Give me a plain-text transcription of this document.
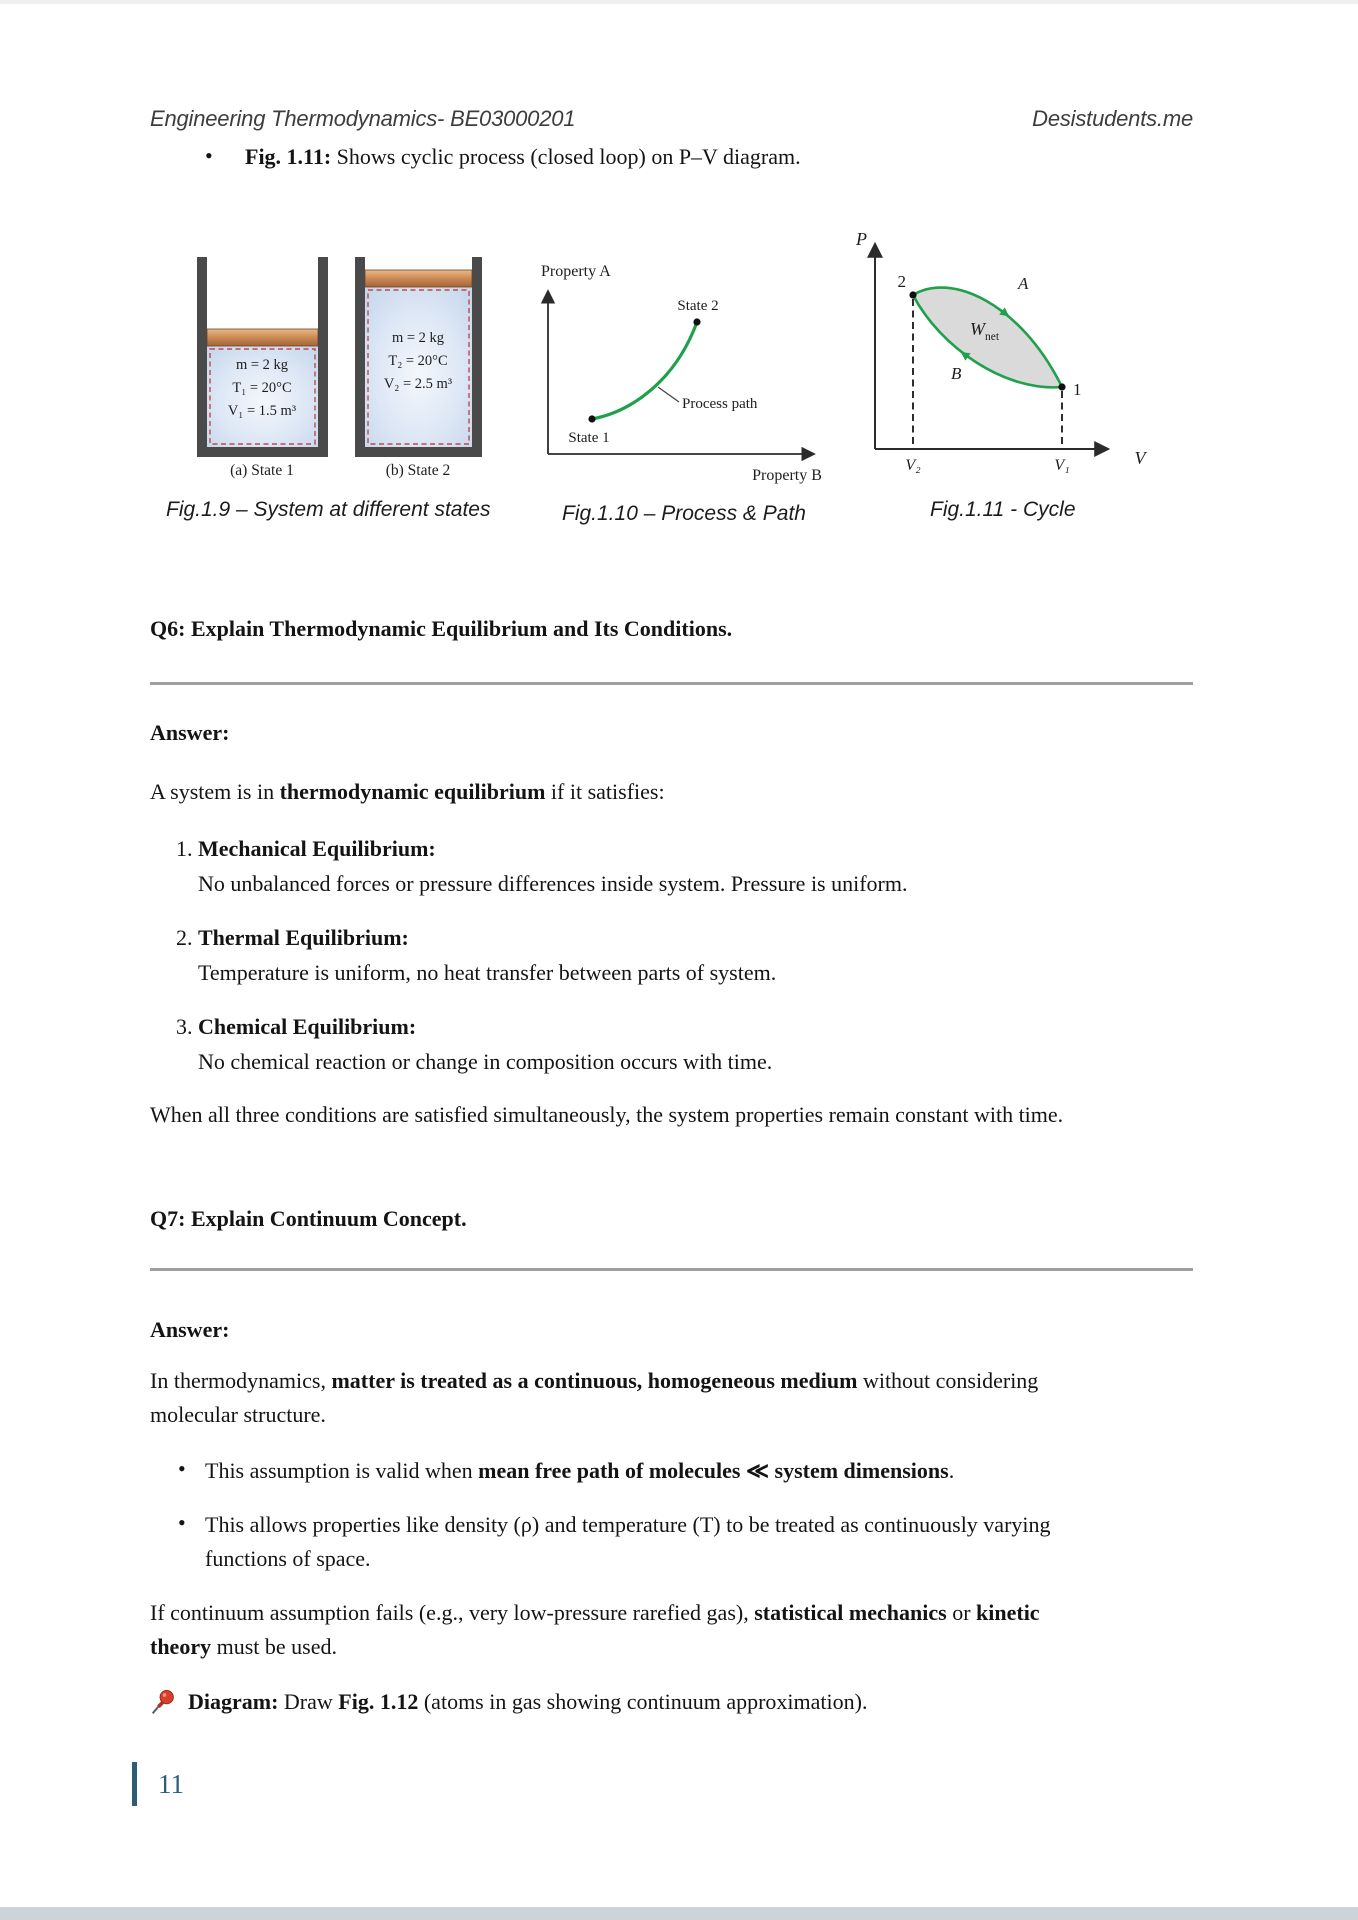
Engineering Thermodynamics- BE03000201	Desistudents.me
• Fig. 1.11: Shows cyclic process (closed loop) on P–V diagram.
m = 2 kg
T₁ = 20°C
V₁ = 1.5 m³
(a) State 1
m = 2 kg
T₂ = 20°C
V₂ = 2.5 m³
(b) State 2
Property A
Property B
State 1
State 2
Process path
P
V
2
1
A
B
$W_{net}$
V₂	V₁
Fig.1.9 – System at different states	Fig.1.10 – Process & Path	Fig.1.11 - Cycle
Q6: Explain Thermodynamic Equilibrium and Its Conditions.
Answer:

A system is in thermodynamic equilibrium if it satisfies:

1. Mechanical Equilibrium:
No unbalanced forces or pressure differences inside system. Pressure is uniform.
2. Thermal Equilibrium:
Temperature is uniform, no heat transfer between parts of system.
3. Chemical Equilibrium:
No chemical reaction or change in composition occurs with time.

When all three conditions are satisfied simultaneously, the system properties remain constant with time.

Q7: Explain Continuum Concept.
Answer:

In thermodynamics, matter is treated as a continuous, homogeneous medium without considering molecular structure.

• This assumption is valid when mean free path of molecules ≪ system dimensions.
• This allows properties like density (ρ) and temperature (T) to be treated as continuously varying functions of space.

If continuum assumption fails (e.g., very low-pressure rarefied gas), statistical mechanics or kinetic theory must be used.

Diagram: Draw Fig. 1.12 (atoms in gas showing continuum approximation).
11
